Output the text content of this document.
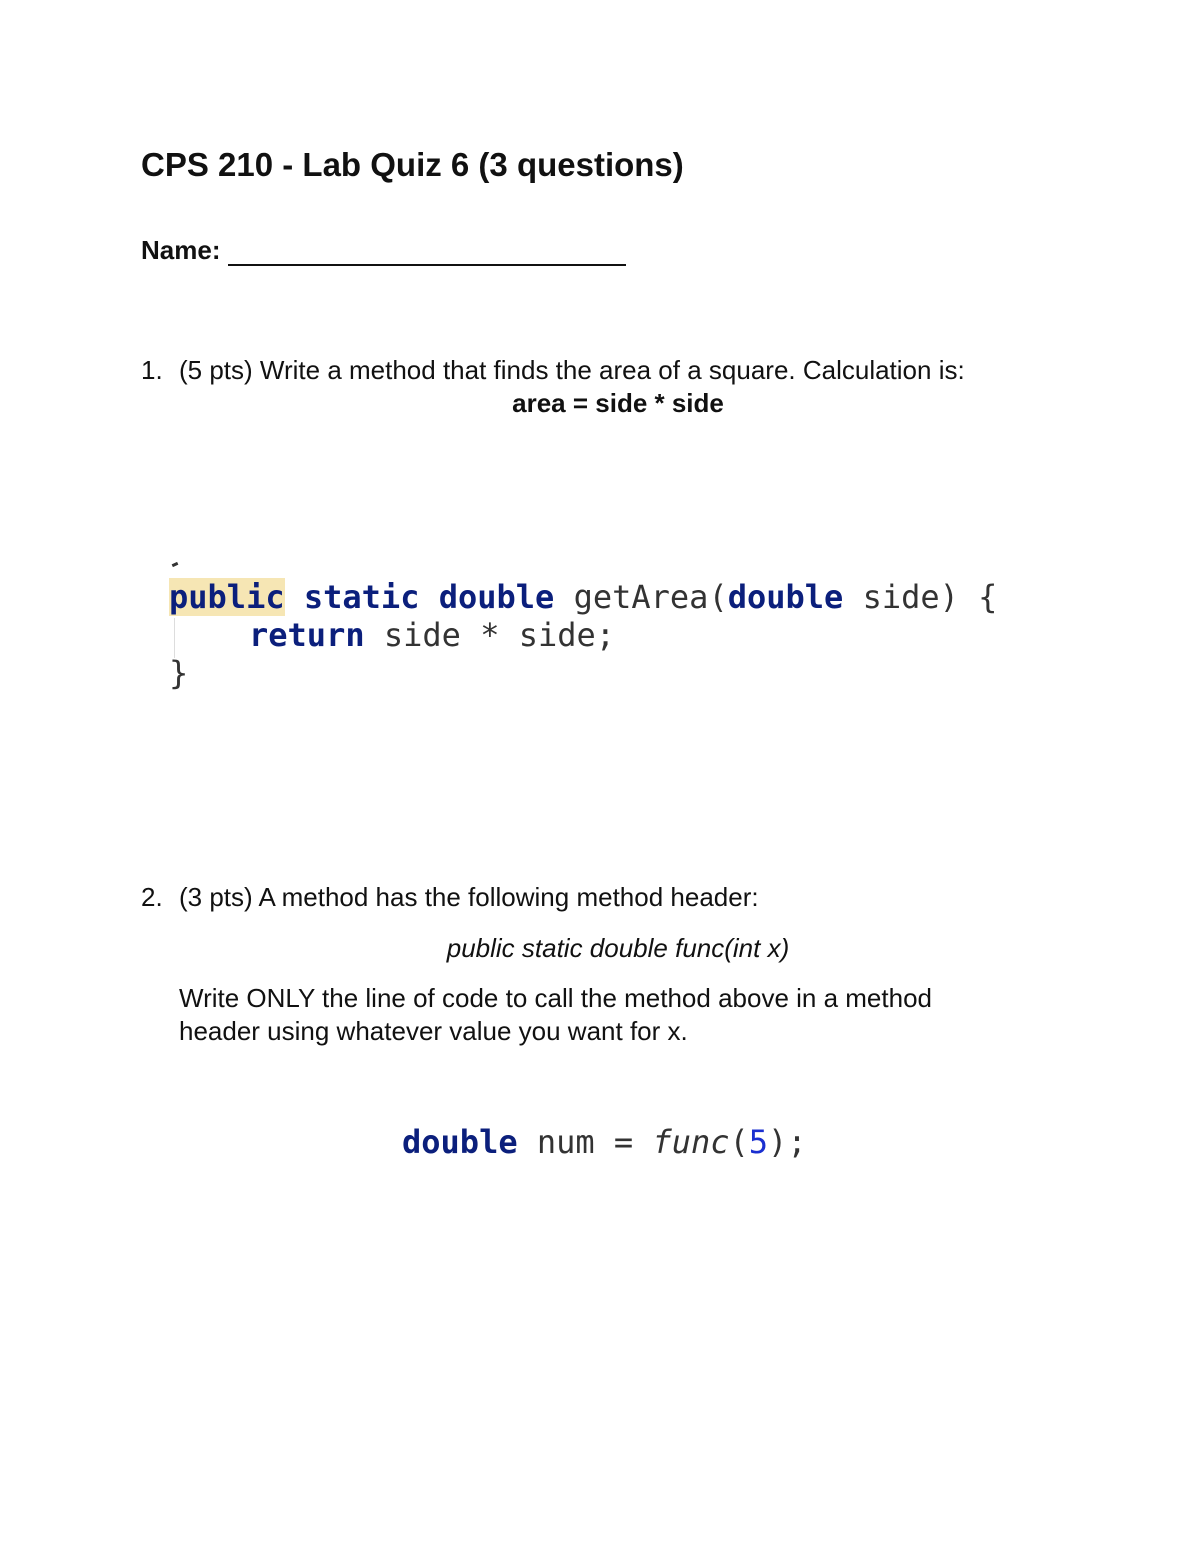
CPS 210 - Lab Quiz 6 (3 questions)
Name:
1. (5 pts) Write a method that finds the area of a square. Calculation is:
area = side * side
public static double getArea(double side) {
return side * side;
}
2. (3 pts) A method has the following method header:
public static double func(int x)
Write ONLY the line of code to call the method above in a method
header using whatever value you want for x.
double num = func(5);
